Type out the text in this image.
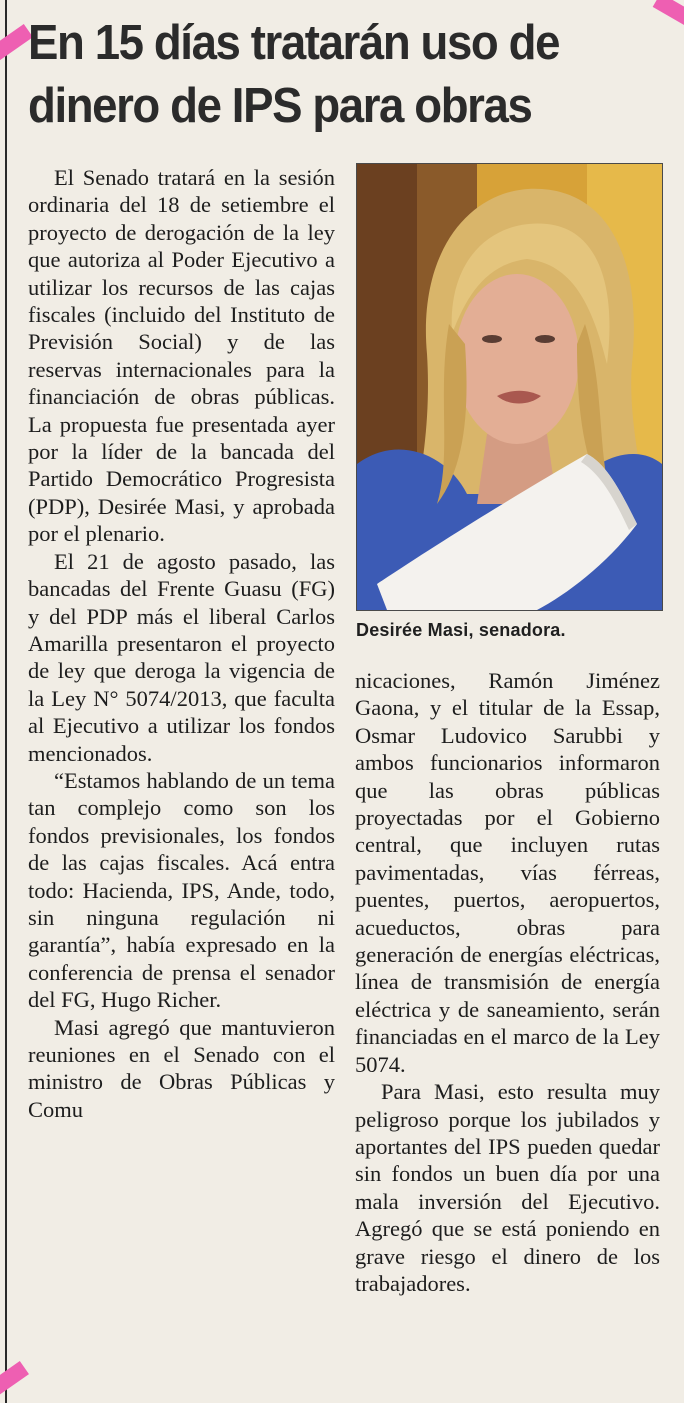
En 15 días tratarán uso de dinero de IPS para obras

El Senado tratará en la sesión ordinaria del 18 de setiembre el proyecto de derogación de la ley que autoriza al Poder Ejecutivo a utilizar los recursos de las cajas fiscales (incluido del Instituto de Previsión Social) y de las reservas internacionales para la financiación de obras públicas. La propuesta fue presentada ayer por la líder de la bancada del Partido Democrático Progresista (PDP), Desirée Masi, y aprobada por el plenario.

El 21 de agosto pasado, las bancadas del Frente Guasu (FG) y del PDP más el liberal Carlos Amarilla presentaron el proyecto de ley que deroga la vigencia de la Ley N° 5074/2013, que faculta al Ejecutivo a utilizar los fondos mencionados.

“Estamos hablando de un tema tan complejo como son los fondos previsionales, los fondos de las cajas fiscales. Acá entra todo: Hacienda, IPS, Ande, todo, sin ninguna regulación ni garantía”, había expresado en la conferencia de prensa el senador del FG, Hugo Richer.

Masi agregó que mantuvieron reuniones en el Senado con el ministro de Obras Públicas y Comu

Desirée Masi, senadora.

nicaciones, Ramón Jiménez Gaona, y el titular de la Essap, Osmar Ludovico Sarubbi y ambos funcionarios informaron que las obras públicas proyectadas por el Gobierno central, que incluyen rutas pavimentadas, vías férreas, puentes, puertos, aeropuertos, acueductos, obras para generación de energías eléctricas, línea de transmisión de energía eléctrica y de saneamiento, serán financiadas en el marco de la Ley 5074.

Para Masi, esto resulta muy peligroso porque los jubilados y aportantes del IPS pueden quedar sin fondos un buen día por una mala inversión del Ejecutivo. Agregó que se está poniendo en grave riesgo el dinero de los trabajadores.
